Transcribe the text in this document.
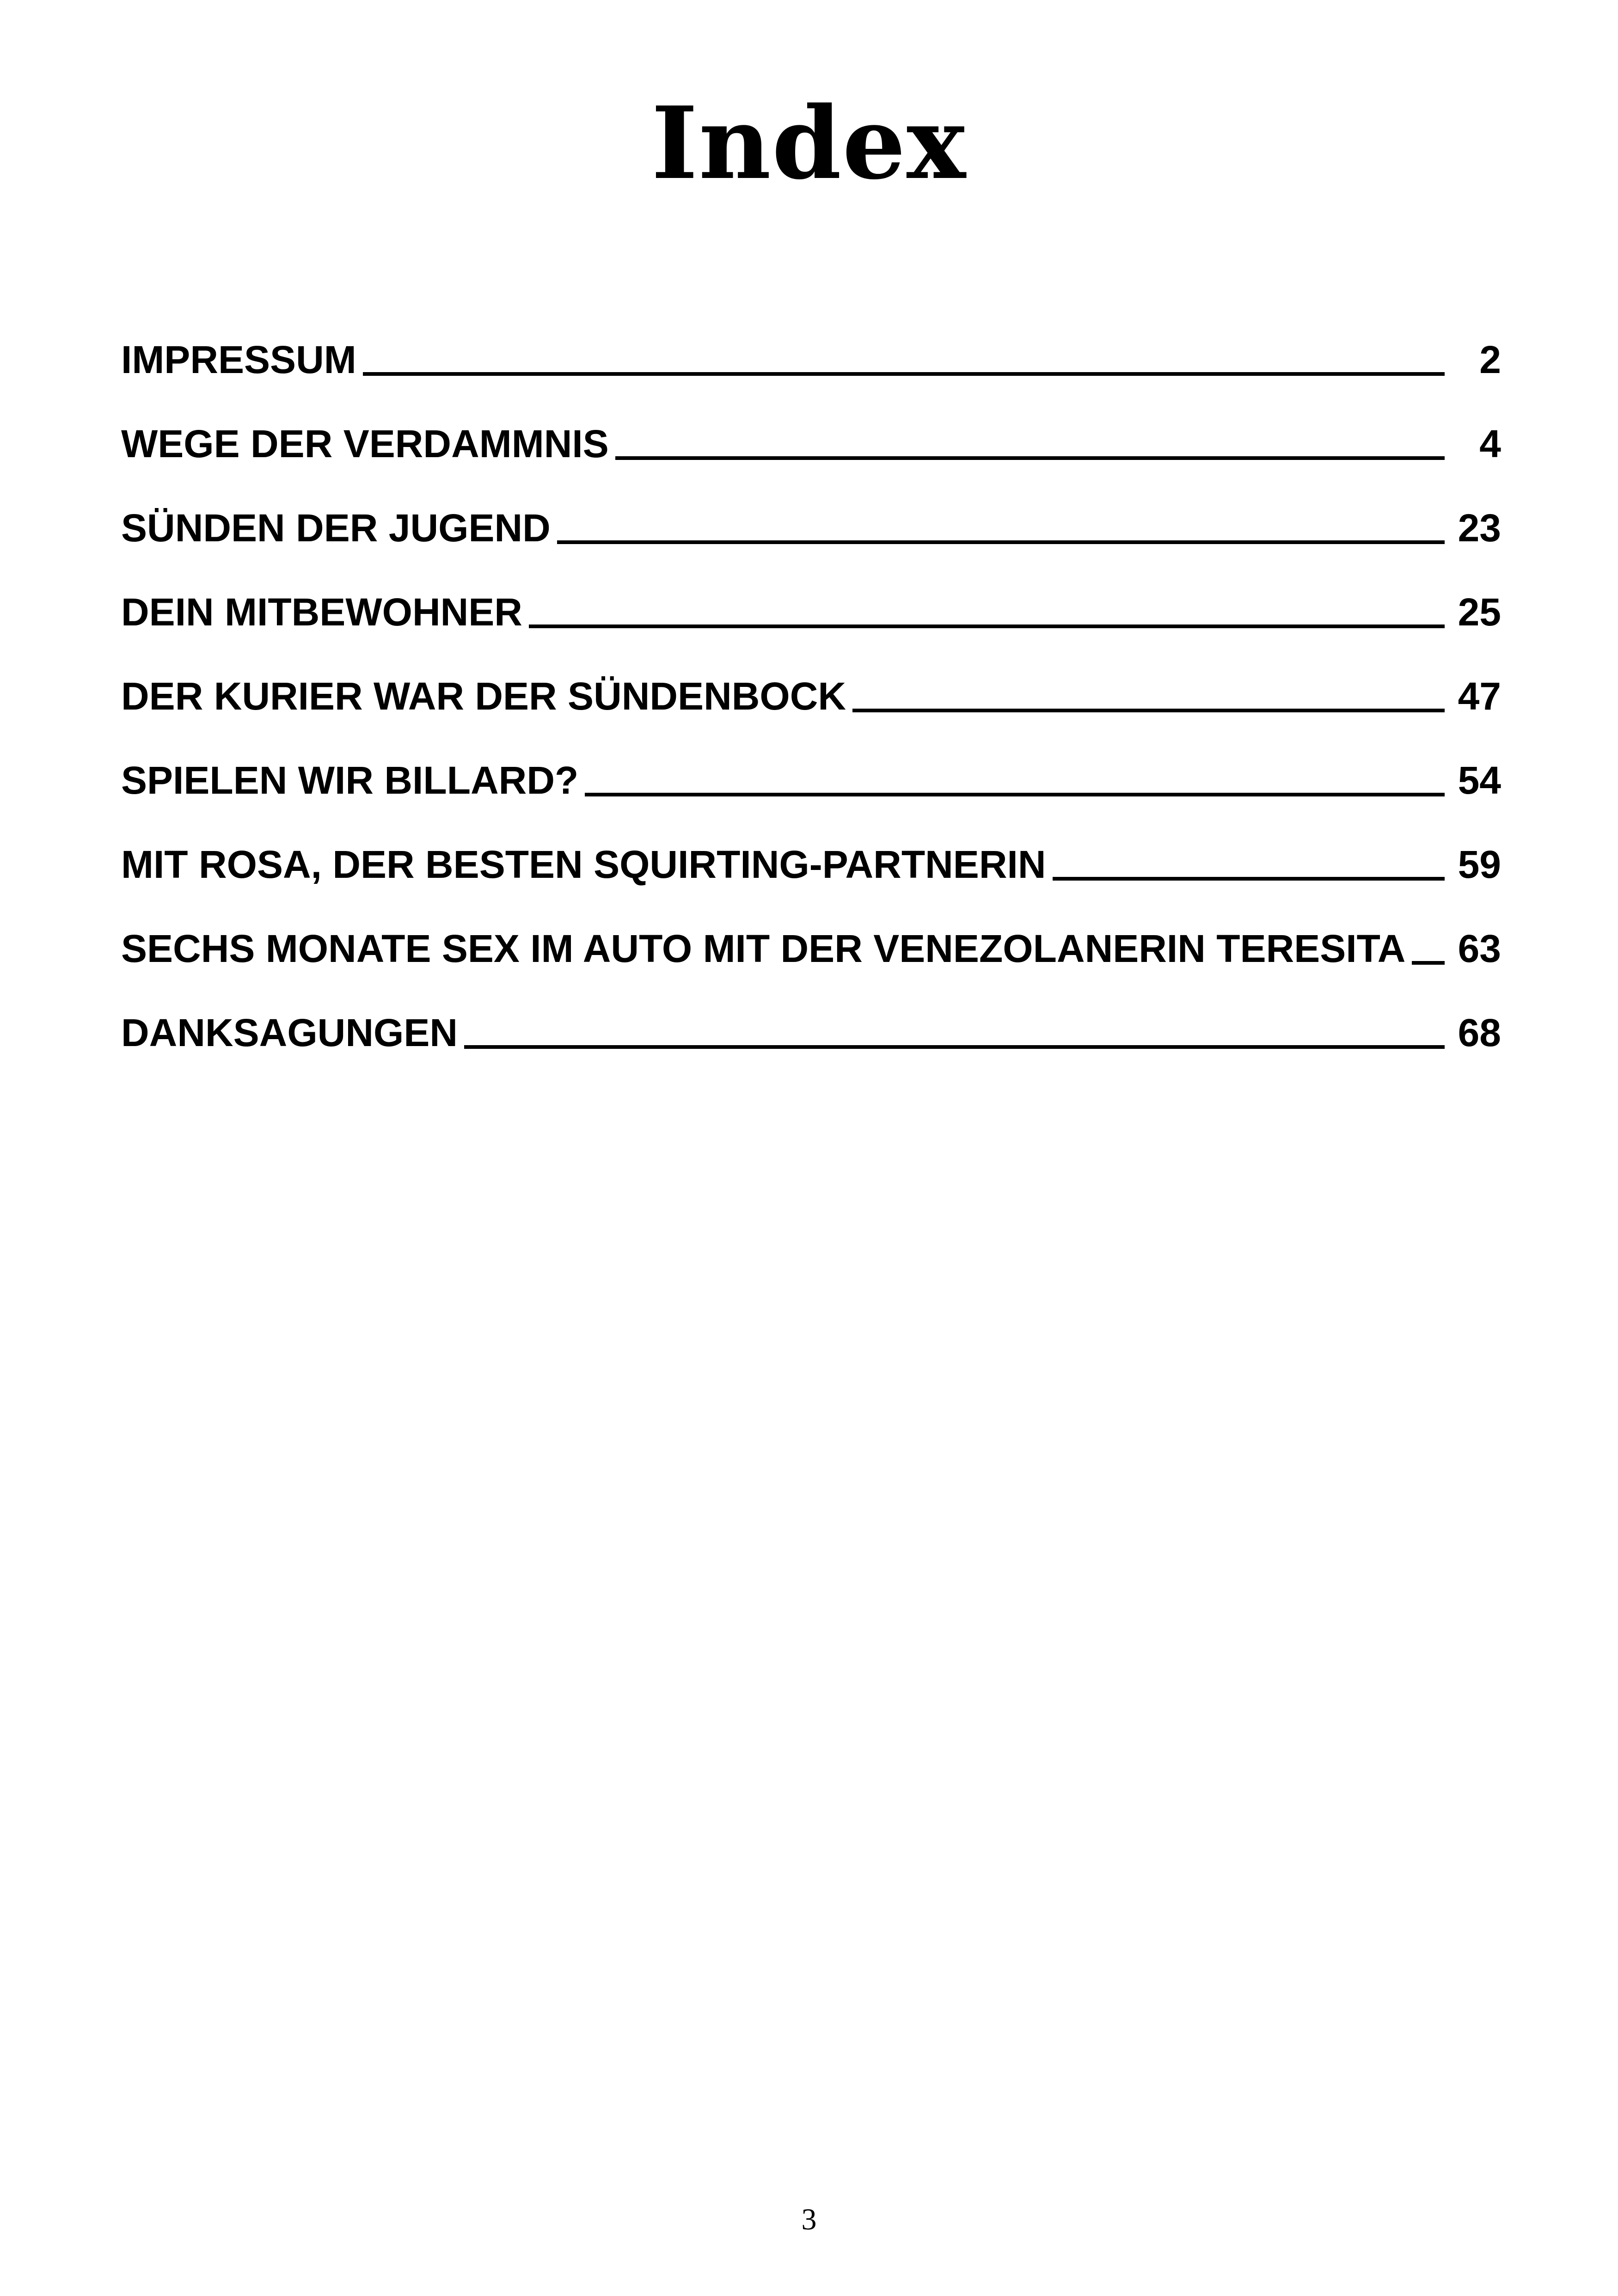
Index
IMPRESSUM	2
WEGE DER VERDAMMNIS	4
SÜNDEN DER JUGEND	23
DEIN MITBEWOHNER	25
DER KURIER WAR DER SÜNDENBOCK	47
SPIELEN WIR BILLARD?	54
MIT ROSA, DER BESTEN SQUIRTING-PARTNERIN	59
SECHS MONATE SEX IM AUTO MIT DER VENEZOLANERIN TERESITA 63
DANKSAGUNGEN	68
3
